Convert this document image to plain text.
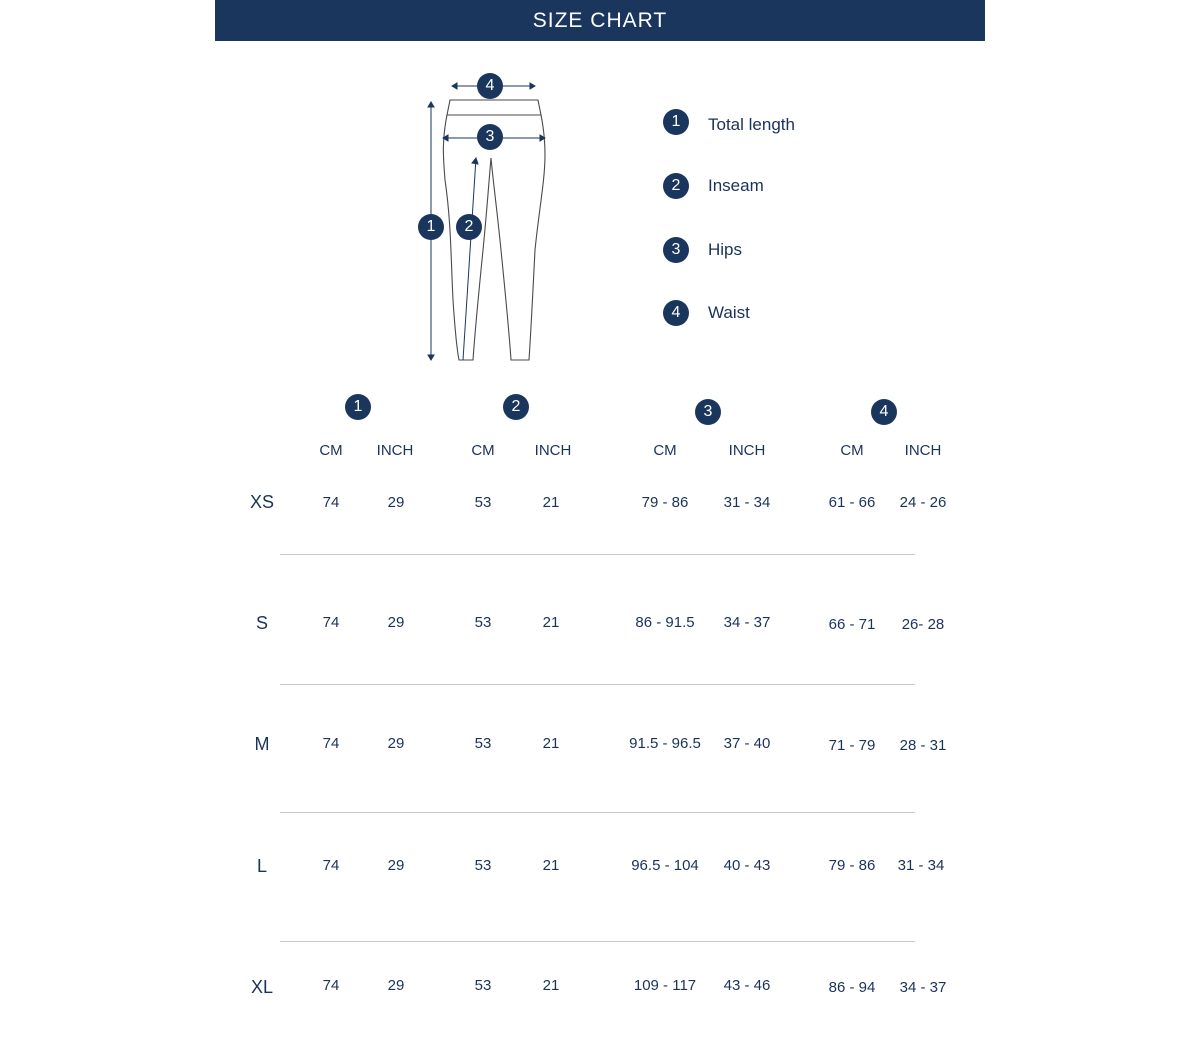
SIZE CHART
4
3
1 2
1 Total length
2 Inseam
3 Hips
4 Waist
1	2	3	4
CM	INCH	CM	INCH	CM	INCH	CM	INCH
XS	74	29	53	21	79 - 86	31 - 34	61 - 66	24 - 26
S	74	29	53	21	86 - 91.5	34 - 37	66 - 71	26- 28
M	74	29	53	21	91.5 - 96.5	37 - 40	71 - 79	28 - 31
L	74	29	53	21	96.5 - 104	40 - 43	79 - 86	31 - 34
XL	74	29	53	21	109 - 117	43 - 46	86 - 94	34 - 37
